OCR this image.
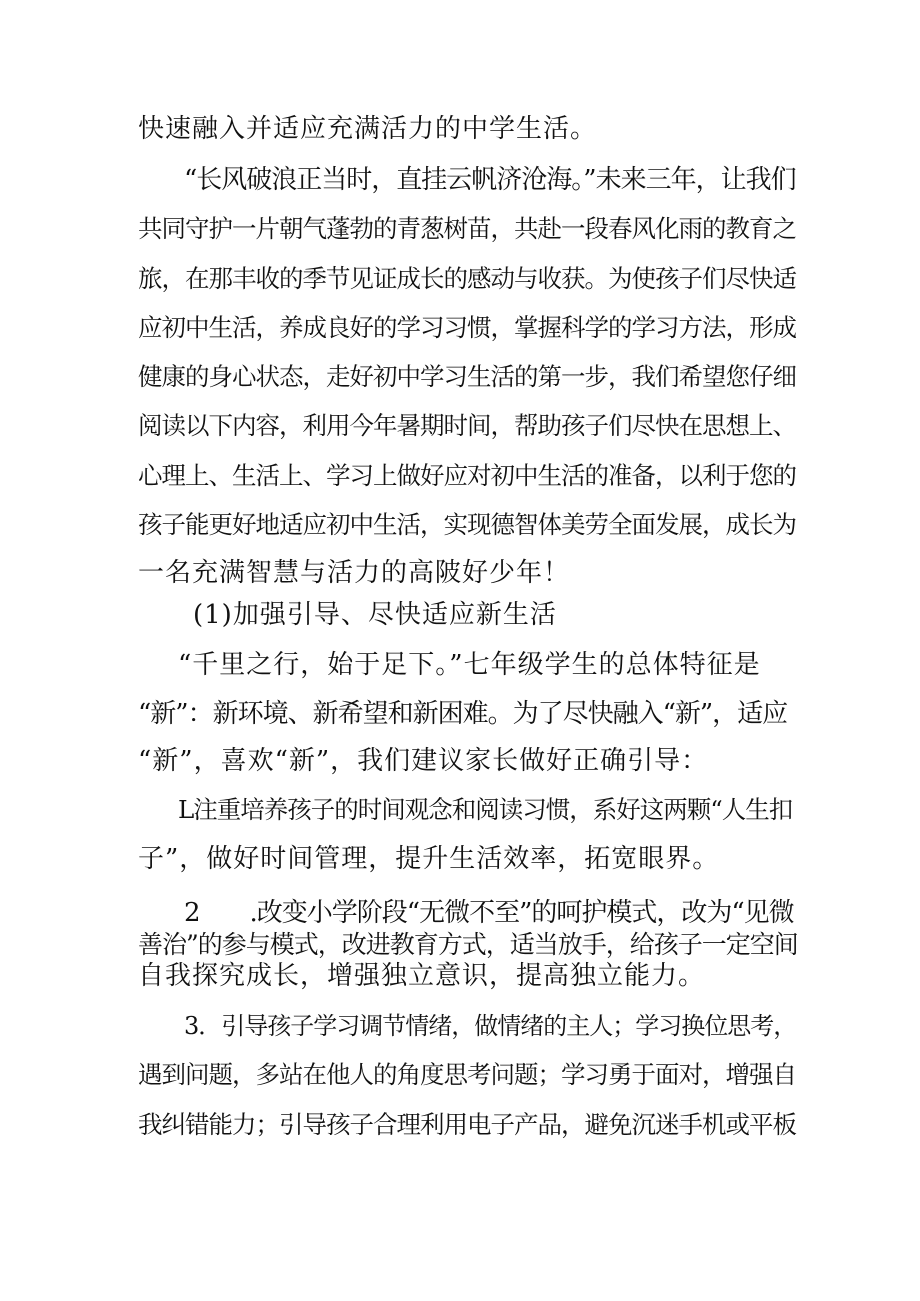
快速融入并适应充满活力的中学生活。
“长风破浪正当时，直挂云帆济沧海。”未来三年，让我们
共同守护一片朝气蓬勃的青葱树苗，共赴一段春风化雨的教育之
旅，在那丰收的季节见证成长的感动与收获。为使孩子们尽快适
应初中生活，养成良好的学习习惯，掌握科学的学习方法，形成
健康的身心状态，走好初中学习生活的第一步，我们希望您仔细
阅读以下内容，利用今年暑期时间，帮助孩子们尽快在思想上、
心理上、生活上、学习上做好应对初中生活的准备，以利于您的
孩子能更好地适应初中生活，实现德智体美劳全面发展，成长为
一名充满智慧与活力的高陂好少年！
(1)加强引导、尽快适应新生活
“千里之行，始于足下。”七年级学生的总体特征是
“新”：新环境、新希望和新困难。为了尽快融入“新”，适应
“新”，喜欢“新”，我们建议家长做好正确引导：
L注重培养孩子的时间观念和阅读习惯，系好这两颗“人生扣
子”，做好时间管理，提升生活效率，拓宽眼界。
2　　.改变小学阶段“无微不至”的呵护模式，改为“见微
善治”的参与模式，改进教育方式，适当放手，给孩子一定空间
自我探究成长，增强独立意识，提高独立能力。
3．引导孩子学习调节情绪，做情绪的主人；学习换位思考，
遇到问题，多站在他人的角度思考问题；学习勇于面对，增强自
我纠错能力；引导孩子合理利用电子产品，避免沉迷手机或平板
